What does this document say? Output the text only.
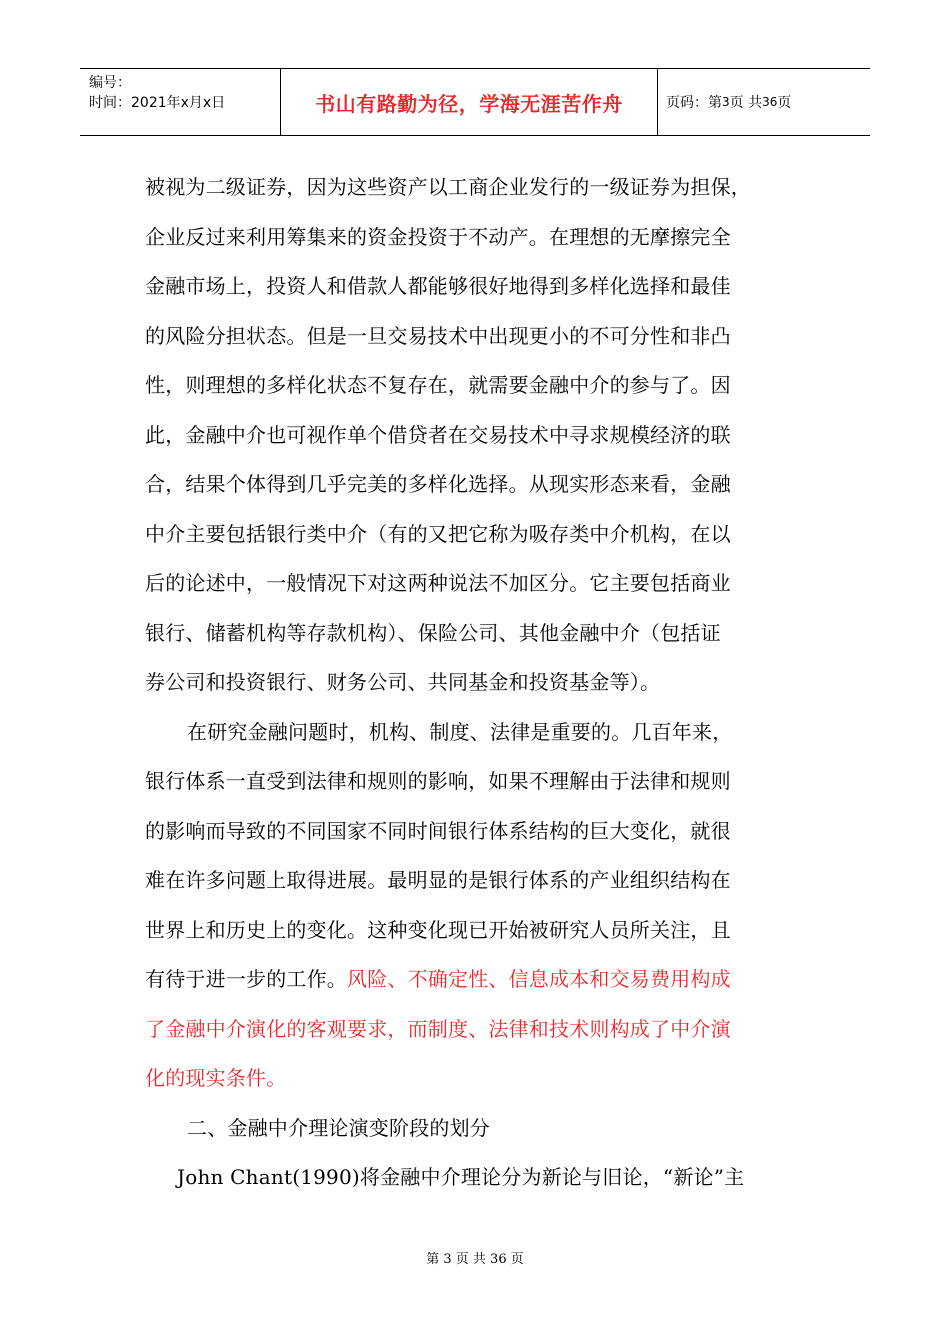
编号：
时间：2021年x月x日	书山有路勤为径，学海无涯苦作舟	页码：第 3 页 共 36 页
被视为二级证券，因为这些资产以工商企业发行的一级证券为担保，
企业反过来利用筹集来的资金投资于不动产。在理想的无摩擦完全
金融市场上，投资人和借款人都能够很好地得到多样化选择和最佳
的风险分担状态。但是一旦交易技术中出现更小的不可分性和非凸
性，则理想的多样化状态不复存在，就需要金融中介的参与了。因
此，金融中介也可视作单个借贷者在交易技术中寻求规模经济的联
合，结果个体得到几乎完美的多样化选择。从现实形态来看，金融
中介主要包括银行类中介（有的又把它称为吸存类中介机构，在以
后的论述中，一般情况下对这两种说法不加区分。它主要包括商业
银行、储蓄机构等存款机构）、保险公司、其他金融中介（包括证
券公司和投资银行、财务公司、共同基金和投资基金等）。
在研究金融问题时，机构、制度、法律是重要的。几百年来，
银行体系一直受到法律和规则的影响，如果不理解由于法律和规则
的影响而导致的不同国家不同时间银行体系结构的巨大变化，就很
难在许多问题上取得进展。最明显的是银行体系的产业组织结构在
世界上和历史上的变化。这种变化现已开始被研究人员所关注，且
有待于进一步的工作。风险、不确定性、信息成本和交易费用构成
了金融中介演化的客观要求，而制度、法律和技术则构成了中介演
化的现实条件。
二、金融中介理论演变阶段的划分
John Chant(1990)将金融中介理论分为新论与旧论，“新论”主
第 3 页 共 36 页
